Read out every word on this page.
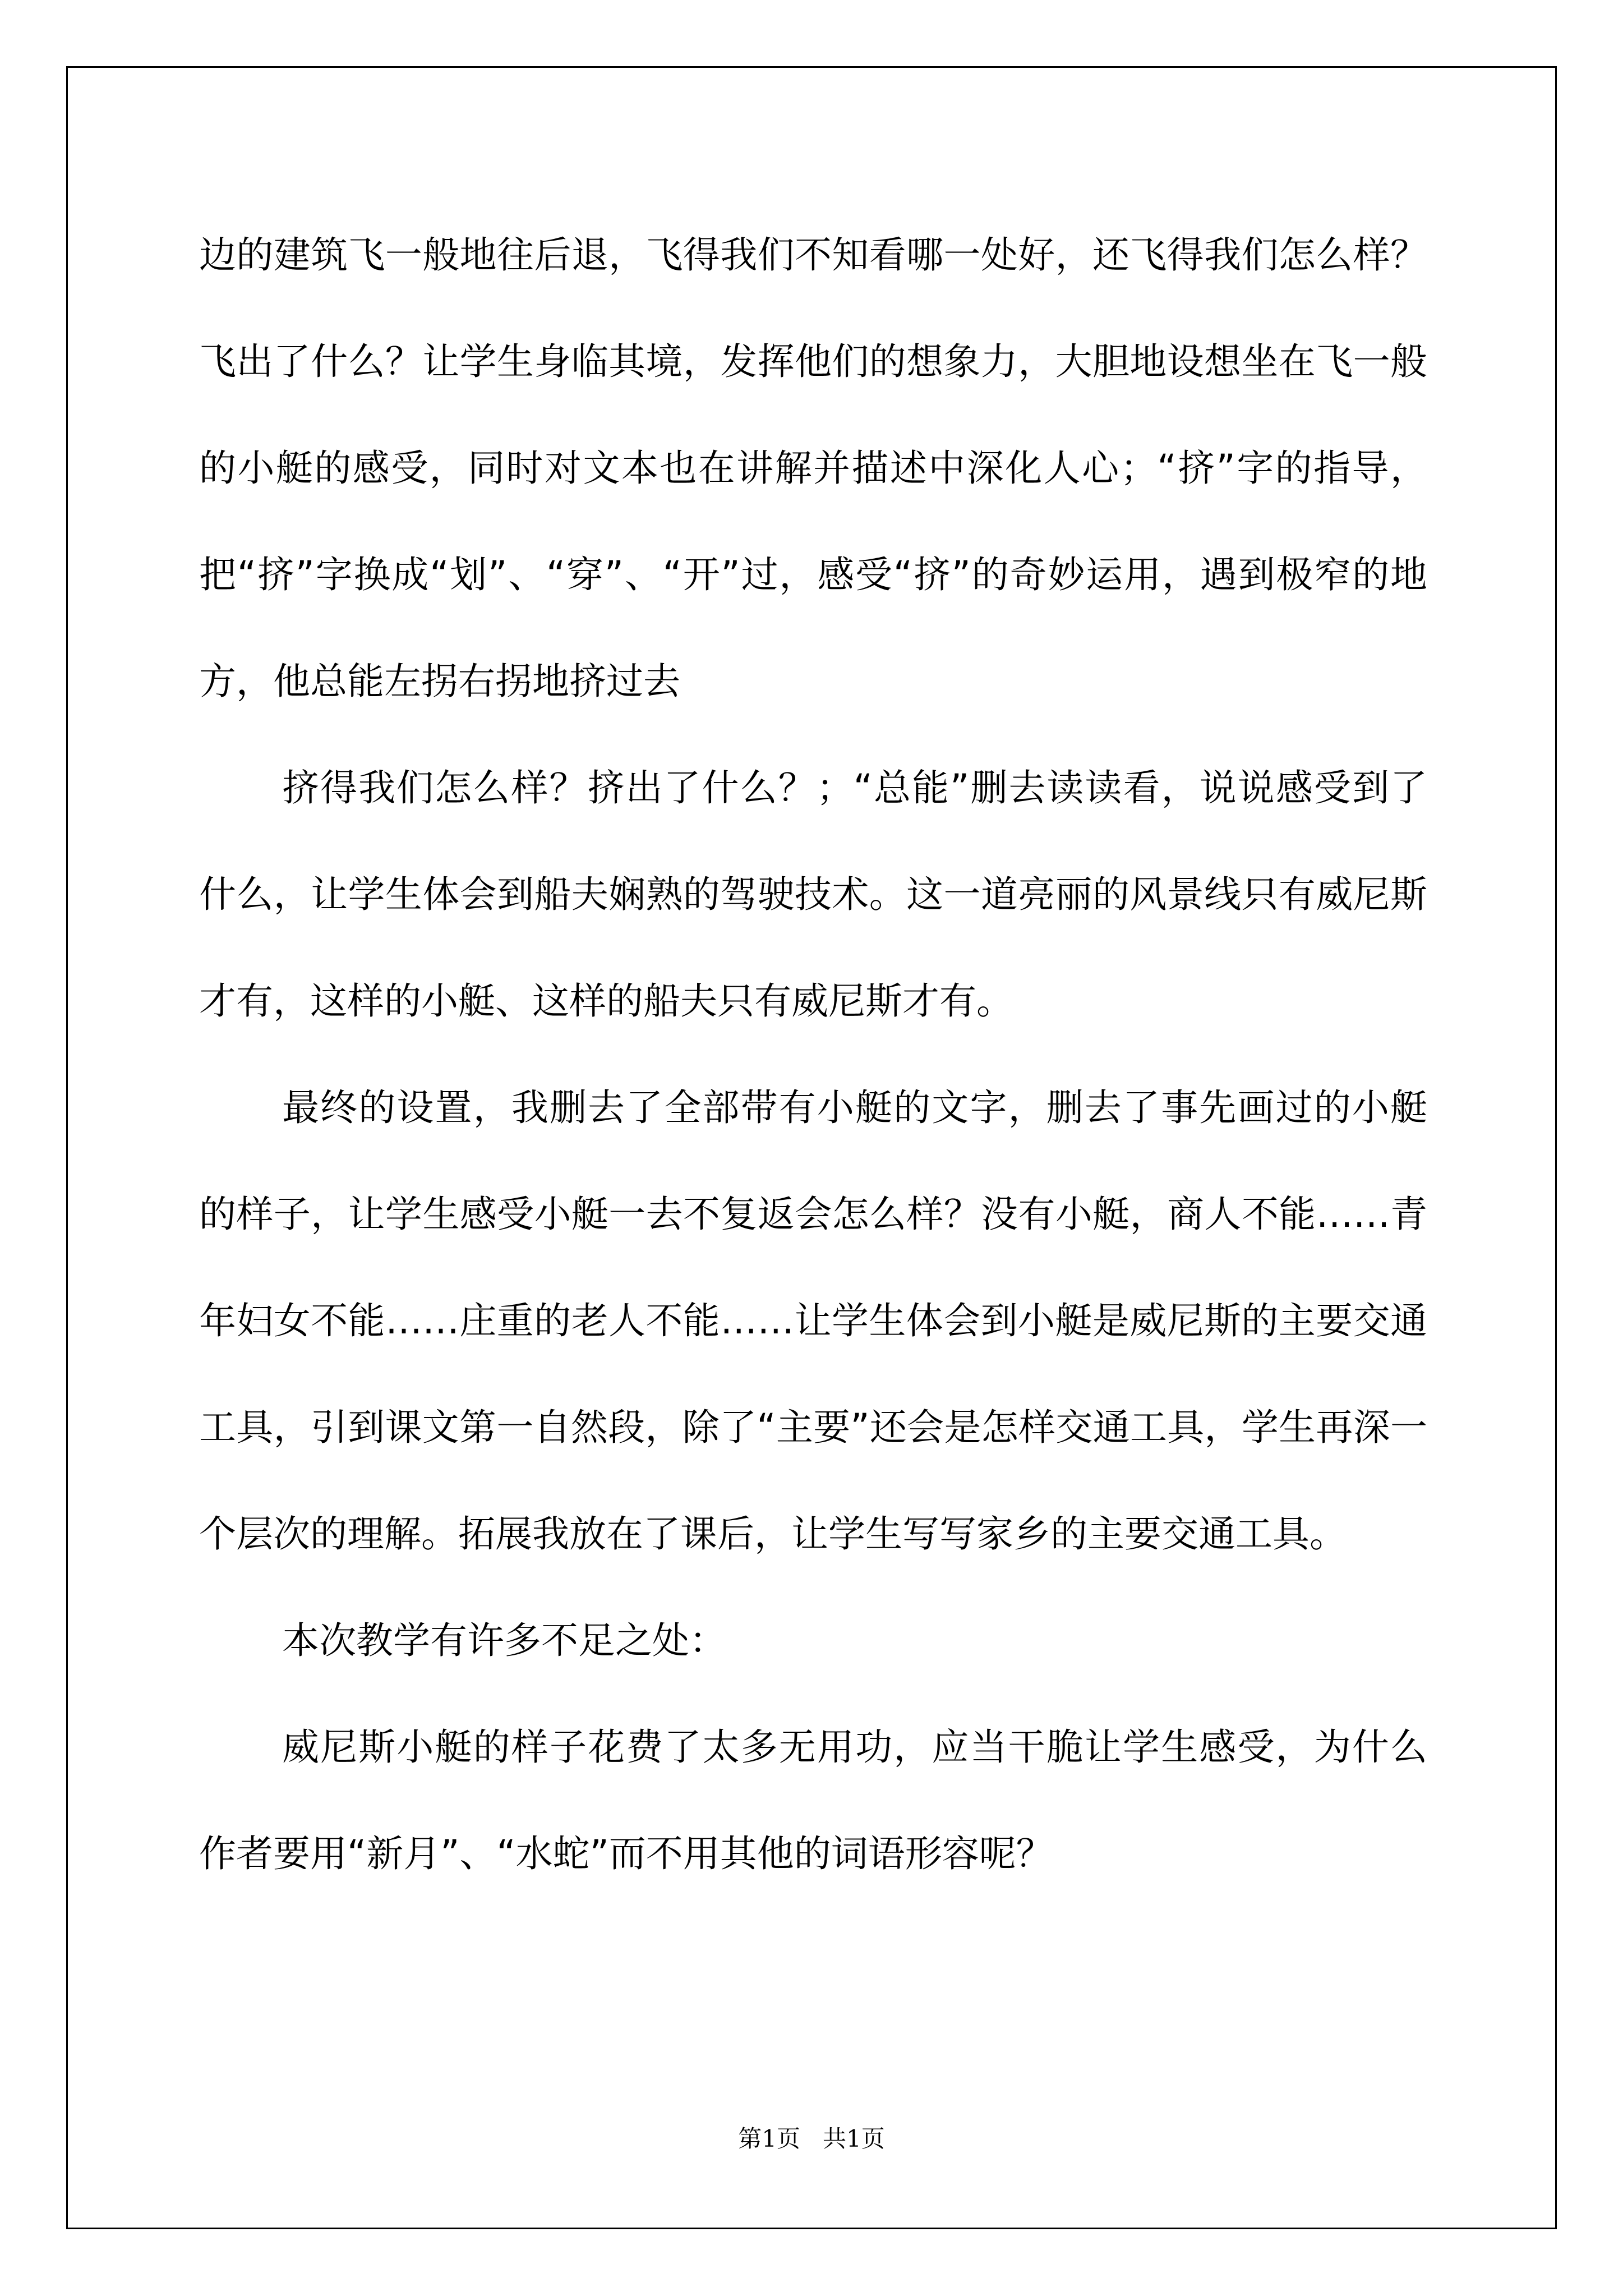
边的建筑飞一般地往后退，飞得我们不知看哪一处好，还飞得我们怎么样？飞出了什么？让学生身临其境，发挥他们的想象力，大胆地设想坐在飞一般的小艇的感受，同时对文本也在讲解并描述中深化人心；“挤”字的指导，把“挤”字换成“划”、“穿”、“开”过，感受“挤”的奇妙运用，遇到极窄的地方，他总能左拐右拐地挤过去

挤得我们怎么样？挤出了什么？；“总能”删去读读看，说说感受到了什么，让学生体会到船夫娴熟的驾驶技术。这一道亮丽的风景线只有威尼斯才有，这样的小艇、这样的船夫只有威尼斯才有。

最终的设置，我删去了全部带有小艇的文字，删去了事先画过的小艇的样子，让学生感受小艇一去不复返会怎么样？没有小艇，商人不能……青年妇女不能……庄重的老人不能……让学生体会到小艇是威尼斯的主要交通工具，引到课文第一自然段，除了“主要”还会是怎样交通工具，学生再深一个层次的理解。拓展我放在了课后，让学生写写家乡的主要交通工具。

本次教学有许多不足之处：

威尼斯小艇的样子花费了太多无用功，应当干脆让学生感受，为什么作者要用“新月”、“水蛇”而不用其他的词语形容呢？

第1页 共1页
